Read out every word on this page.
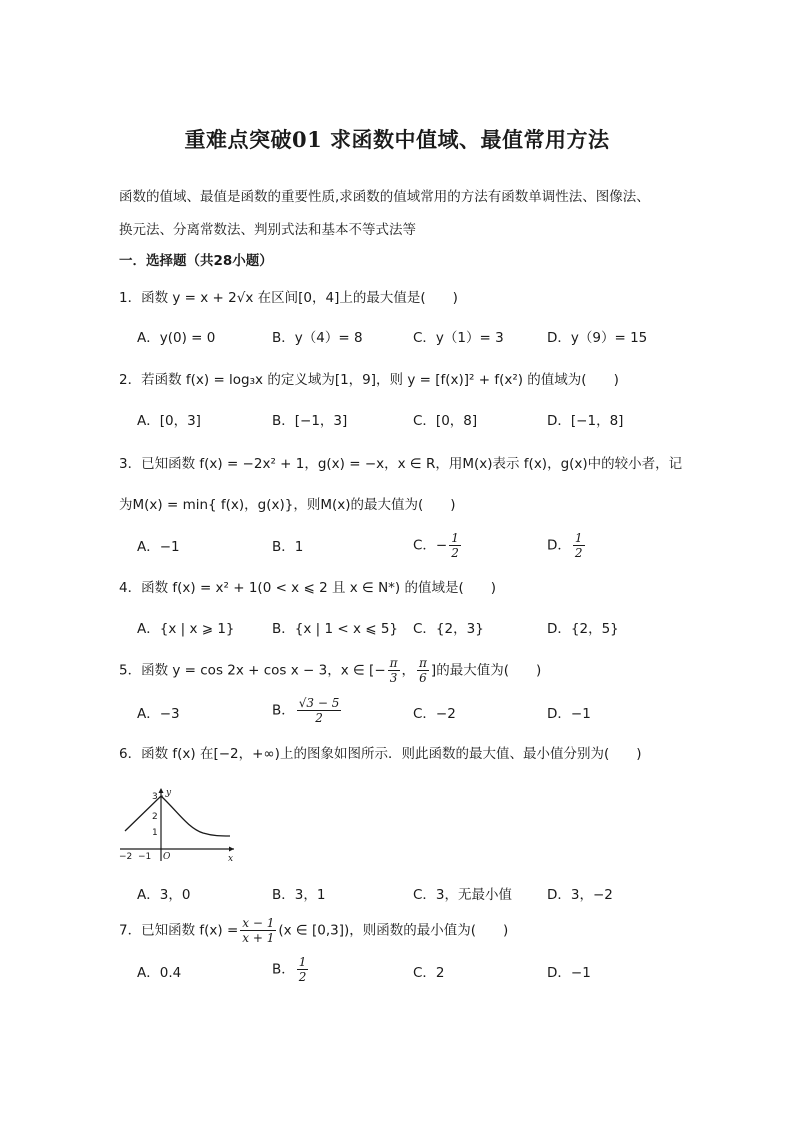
重难点突破01 求函数中值域、最值常用方法
函数的值域、最值是函数的重要性质,求函数的值域常用的方法有函数单调性法、图像法、
换元法、分离常数法、判别式法和基本不等式法等
一．选择题（共28小题）
1．函数 y = x + 2√x 在区间[0，4]上的最大值是(　　)
A．y(0) = 0	B．y（4）= 8	C．y（1）= 3	D．y（9）= 15
2．若函数 f(x) = log₃x 的定义域为[1，9]，则 y = [f(x)]² + f(x²) 的值域为(　　)
A．[0，3]	B．[−1，3]	C．[0，8]	D．[−1，8]
3．已知函数 f(x) = −2x² + 1，g(x) = −x，x ∈ R，用M(x)表示 f(x)，g(x)中的较小者，记
为M(x) = min{ f(x)，g(x)}，则M(x)的最大值为(　　)
A．−1	B．1	C．− $\frac{1}{2}$	D． $\frac{1}{2}$
4．函数 f(x) = x² + 1(0 < x ⩽ 2 且 x ∈ N*) 的值域是(　　)
A．{x | x ⩾ 1}	B．{x | 1 < x ⩽ 5} C．{2，3}	D．{2，5}
5．函数 y = cos 2x + cos x − 3，x ∈ [− $\frac{\pi}{3}$ ， $\frac{\pi}{6}$ ]的最大值为(　　)
A．−3	B． $\frac{√3 - 5}{2}$	C．−2	D．−1
6．函数 f(x) 在[−2，+∞)上的图象如图所示．则此函数的最大值、最小值分别为(　　)
y
x
O
3
2
1
−2 −1
A．3，0	B．3，1	C．3，无最小值	D．3，−2
7．已知函数 $f(x) = \frac{x - 1}{x + 1} (x$ ∈ [0,3])，则函数的最小值为(　　)
A．0.4	B． $\frac{1}{2}$	C．2	D．−1
